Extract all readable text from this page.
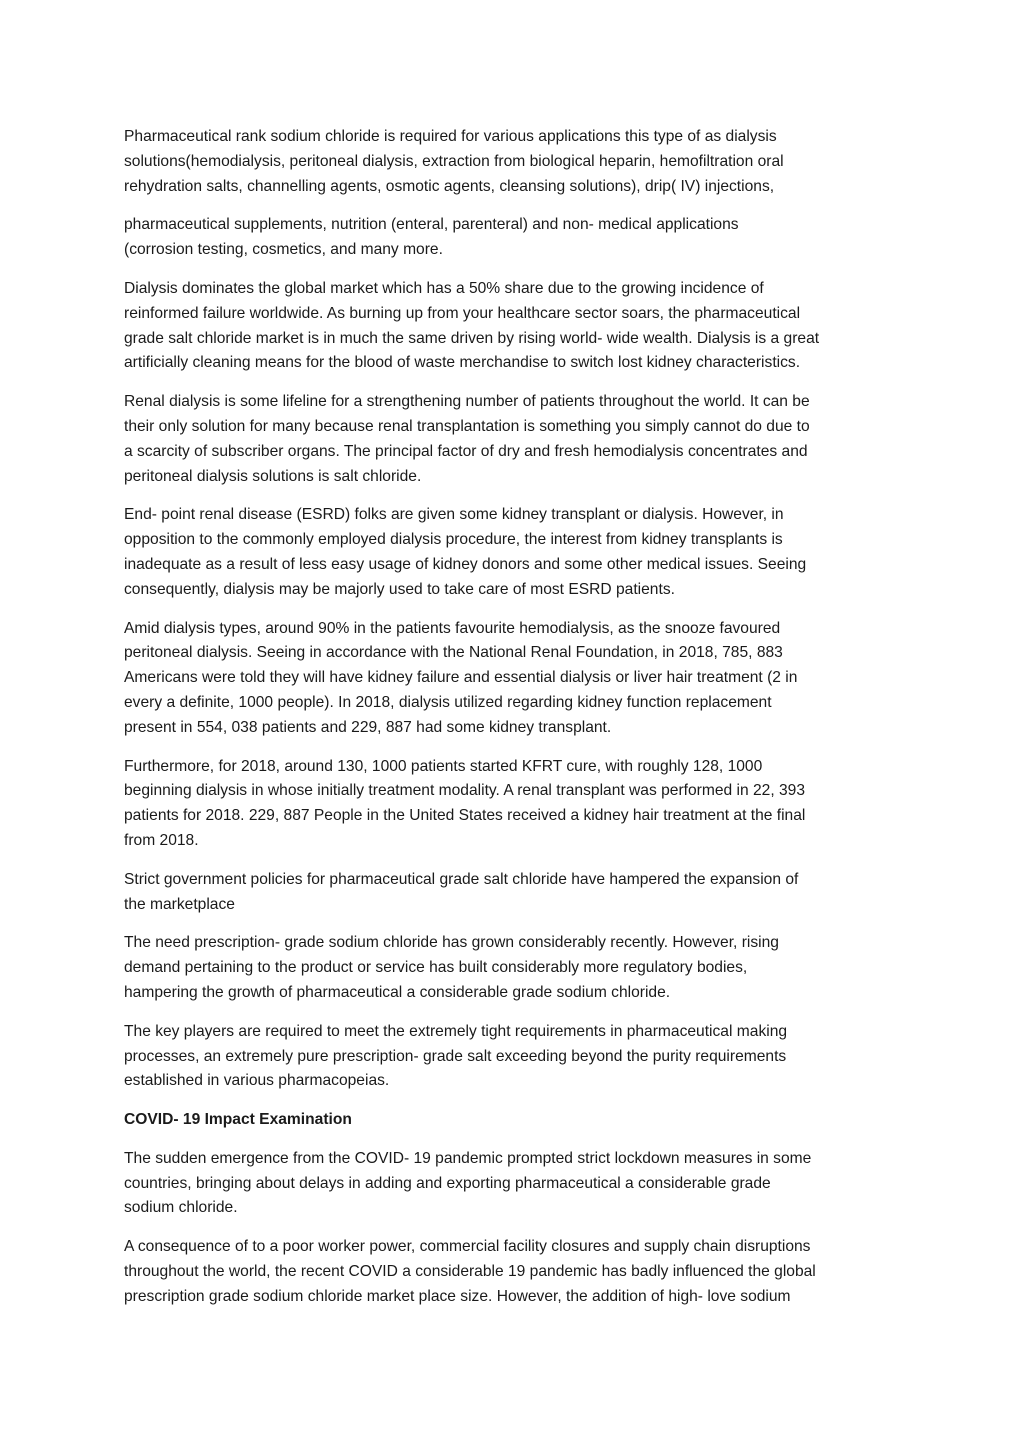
Pharmaceutical rank sodium chloride is required for various applications this type of as dialysis
solutions(hemodialysis, peritoneal dialysis, extraction from biological heparin, hemofiltration oral
rehydration salts, channelling agents, osmotic agents, cleansing solutions), drip( IV) injections,

pharmaceutical supplements, nutrition (enteral, parenteral) and non- medical applications
(corrosion testing, cosmetics, and many more.

Dialysis dominates the global market which has a 50% share due to the growing incidence of
reinformed failure worldwide. As burning up from your healthcare sector soars, the pharmaceutical
grade salt chloride market is in much the same driven by rising world- wide wealth. Dialysis is a great
artificially cleaning means for the blood of waste merchandise to switch lost kidney characteristics.

Renal dialysis is some lifeline for a strengthening number of patients throughout the world. It can be
their only solution for many because renal transplantation is something you simply cannot do due to
a scarcity of subscriber organs. The principal factor of dry and fresh hemodialysis concentrates and
peritoneal dialysis solutions is salt chloride.

End- point renal disease (ESRD) folks are given some kidney transplant or dialysis. However, in
opposition to the commonly employed dialysis procedure, the interest from kidney transplants is
inadequate as a result of less easy usage of kidney donors and some other medical issues. Seeing
consequently, dialysis may be majorly used to take care of most ESRD patients.

Amid dialysis types, around 90% in the patients favourite hemodialysis, as the snooze favoured
peritoneal dialysis. Seeing in accordance with the National Renal Foundation, in 2018, 785, 883
Americans were told they will have kidney failure and essential dialysis or liver hair treatment (2 in
every a definite, 1000 people). In 2018, dialysis utilized regarding kidney function replacement
present in 554, 038 patients and 229, 887 had some kidney transplant.

Furthermore, for 2018, around 130, 1000 patients started KFRT cure, with roughly 128, 1000
beginning dialysis in whose initially treatment modality. A renal transplant was performed in 22, 393
patients for 2018. 229, 887 People in the United States received a kidney hair treatment at the final
from 2018.

Strict government policies for pharmaceutical grade salt chloride have hampered the expansion of
the marketplace

The need prescription- grade sodium chloride has grown considerably recently. However, rising
demand pertaining to the product or service has built considerably more regulatory bodies,
hampering the growth of pharmaceutical a considerable grade sodium chloride.

The key players are required to meet the extremely tight requirements in pharmaceutical making
processes, an extremely pure prescription- grade salt exceeding beyond the purity requirements
established in various pharmacopeias.

COVID- 19 Impact Examination

The sudden emergence from the COVID- 19 pandemic prompted strict lockdown measures in some
countries, bringing about delays in adding and exporting pharmaceutical a considerable grade
sodium chloride.

A consequence of to a poor worker power, commercial facility closures and supply chain disruptions
throughout the world, the recent COVID a considerable 19 pandemic has badly influenced the global
prescription grade sodium chloride market place size. However, the addition of high- love sodium
